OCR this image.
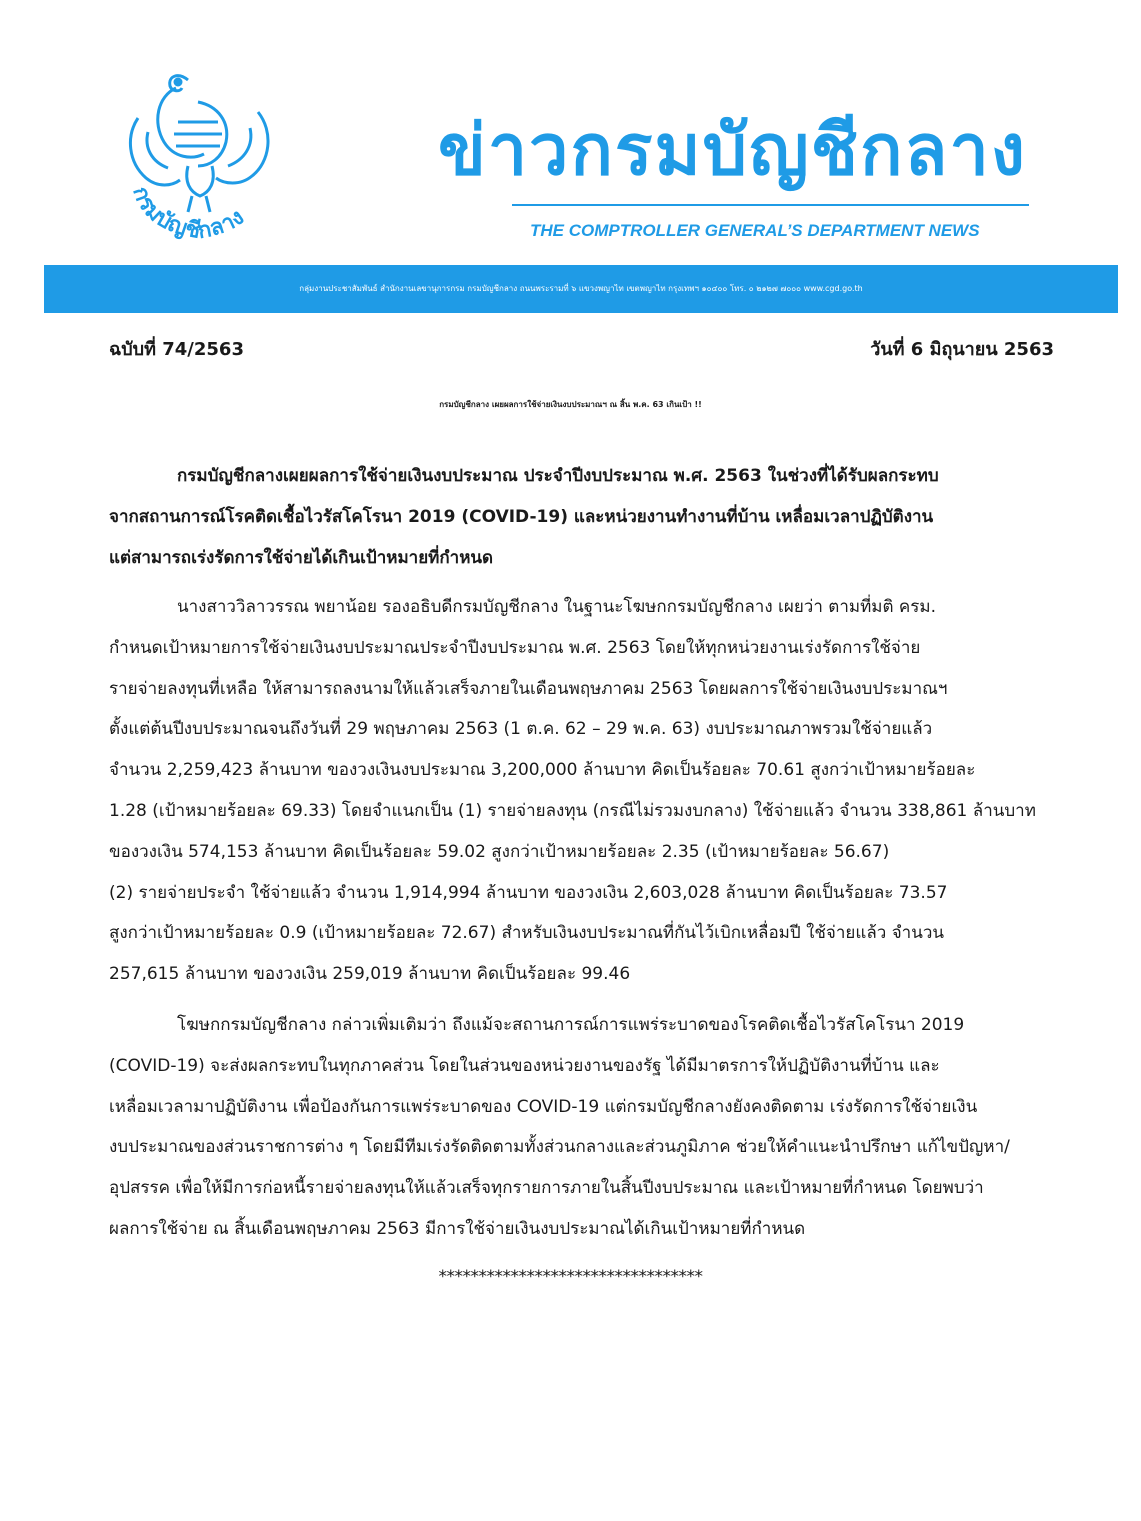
กรมบัญชีกลาง
ข่าวกรมบัญชีกลาง
THE COMPTROLLER GENERAL’S DEPARTMENT NEWS
กลุ่มงานประชาสัมพันธ์ สำนักงานเลขานุการกรม กรมบัญชีกลาง ถนนพระรามที่ ๖ แขวงพญาไท เขตพญาไท กรุงเทพฯ ๑๐๔๐๐ โทร. ๐ ๒๑๒๗ ๗๐๐๐ www.cgd.go.th
ฉบับที่ 74/2563	วันที่ 6 มิถุนายน 2563
กรมบัญชีกลาง เผยผลการใช้จ่ายเงินงบประมาณฯ ณ สิ้น พ.ค. 63 เกินเป้า !!
กรมบัญชีกลางเผยผลการใช้จ่ายเงินงบประมาณ ประจำปีงบประมาณ พ.ศ. 2563 ในช่วงที่ได้รับผลกระทบ
จากสถานการณ์โรคติดเชื้อไวรัสโคโรนา 2019 (COVID-19) และหน่วยงานทำงานที่บ้าน เหลื่อมเวลาปฏิบัติงาน
แต่สามารถเร่งรัดการใช้จ่ายได้เกินเป้าหมายที่กำหนด
นางสาววิลาวรรณ พยาน้อย รองอธิบดีกรมบัญชีกลาง ในฐานะโฆษกกรมบัญชีกลาง เผยว่า ตามที่มติ ครม.
กำหนดเป้าหมายการใช้จ่ายเงินงบประมาณประจำปีงบประมาณ พ.ศ. 2563 โดยให้ทุกหน่วยงานเร่งรัดการใช้จ่าย
รายจ่ายลงทุนที่เหลือ ให้สามารถลงนามให้แล้วเสร็จภายในเดือนพฤษภาคม 2563 โดยผลการใช้จ่ายเงินงบประมาณฯ
ตั้งแต่ต้นปีงบประมาณจนถึงวันที่ 29 พฤษภาคม 2563 (1 ต.ค. 62 – 29 พ.ค. 63) งบประมาณภาพรวมใช้จ่ายแล้ว
จำนวน 2,259,423 ล้านบาท ของวงเงินงบประมาณ 3,200,000 ล้านบาท คิดเป็นร้อยละ 70.61 สูงกว่าเป้าหมายร้อยละ
1.28 (เป้าหมายร้อยละ 69.33) โดยจำแนกเป็น (1) รายจ่ายลงทุน (กรณีไม่รวมงบกลาง) ใช้จ่ายแล้ว จำนวน 338,861 ล้านบาท
ของวงเงิน 574,153 ล้านบาท คิดเป็นร้อยละ 59.02 สูงกว่าเป้าหมายร้อยละ 2.35 (เป้าหมายร้อยละ 56.67)
(2) รายจ่ายประจำ ใช้จ่ายแล้ว จำนวน 1,914,994 ล้านบาท ของวงเงิน 2,603,028 ล้านบาท คิดเป็นร้อยละ 73.57
สูงกว่าเป้าหมายร้อยละ 0.9 (เป้าหมายร้อยละ 72.67) สำหรับเงินงบประมาณที่กันไว้เบิกเหลื่อมปี ใช้จ่ายแล้ว จำนวน
257,615 ล้านบาท ของวงเงิน 259,019 ล้านบาท คิดเป็นร้อยละ 99.46
โฆษกกรมบัญชีกลาง กล่าวเพิ่มเติมว่า ถึงแม้จะสถานการณ์การแพร่ระบาดของโรคติดเชื้อไวรัสโคโรนา 2019
(COVID-19) จะส่งผลกระทบในทุกภาคส่วน โดยในส่วนของหน่วยงานของรัฐ ได้มีมาตรการให้ปฏิบัติงานที่บ้าน และ
เหลื่อมเวลามาปฏิบัติงาน เพื่อป้องกันการแพร่ระบาดของ COVID-19 แต่กรมบัญชีกลางยังคงติดตาม เร่งรัดการใช้จ่ายเงิน
งบประมาณของส่วนราชการต่าง ๆ โดยมีทีมเร่งรัดติดตามทั้งส่วนกลางและส่วนภูมิภาค ช่วยให้คำแนะนำปรึกษา แก้ไขปัญหา/
อุปสรรค เพื่อให้มีการก่อหนี้รายจ่ายลงทุนให้แล้วเสร็จทุกรายการภายในสิ้นปีงบประมาณ และเป้าหมายที่กำหนด โดยพบว่า
ผลการใช้จ่าย ณ สิ้นเดือนพฤษภาคม 2563 มีการใช้จ่ายเงินงบประมาณได้เกินเป้าหมายที่กำหนด
*********************************
